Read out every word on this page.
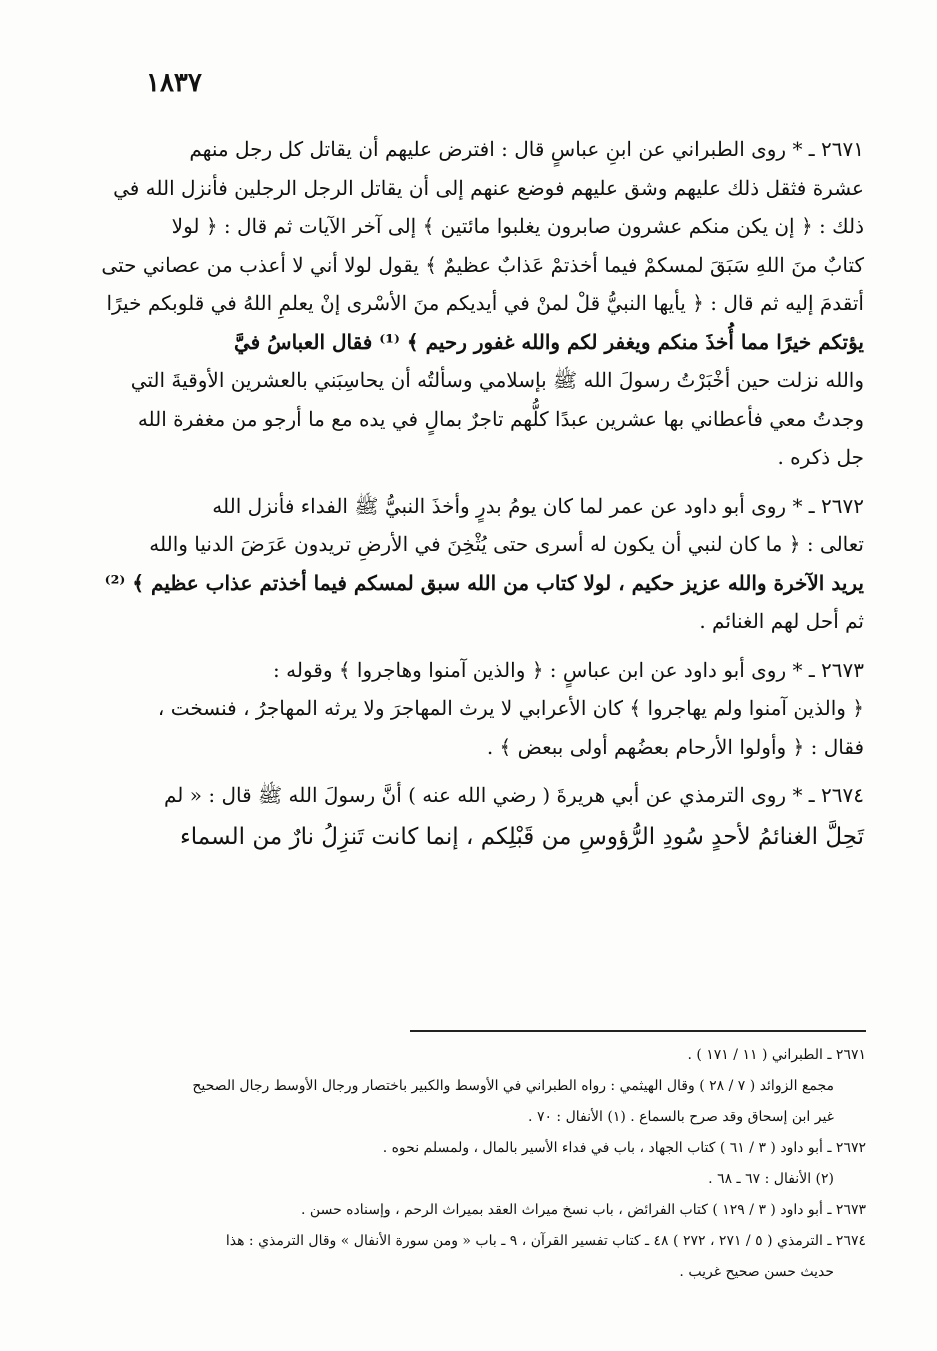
١٨٣٧
٢٦٧١ ـ * روى الطبراني عن ابنِ عباسٍ قال : افترض عليهم أن يقاتل كل رجل منهم
عشرة فثقل ذلك عليهم وشق عليهم فوضع عنهم إلى أن يقاتل الرجل الرجلين فأنزل الله في
ذلك : ﴿ إن يكن منكم عشرون صابرون يغلبوا مائتين ﴾ إلى آخر الآيات ثم قال : ﴿ لولا
كتابٌ منَ اللهِ سَبَقَ لمسكمْ فيما أخذتمْ عَذابٌ عظيمٌ ﴾ يقول لولا أني لا أعذب من عصاني حتى
أتقدمَ إليه ثم قال : ﴿ يأيها النبيُّ قلْ لمنْ في أيديكم منَ الأسْرى إنْ يعلمِ اللهُ في قلوبكم خيرًا
يؤتكم خيرًا مما أُخذَ منكم ويغفر لكم والله غفور رحيم ﴾ ⁽¹⁾ فقال العباسُ فيَّ
والله نزلت حين أخْبَرْتُ رسولَ الله ﷺ بإسلامي وسألتُه أن يحاسِبَني بالعشرين الأوقيةَ التي
وجدتُ معي فأعطاني بها عشرين عبدًا كلُّهم تاجرٌ بمالٍ في يده مع ما أرجو من مغفرة الله
جل ذكره .
٢٦٧٢ ـ * روى أبو داود عن عمر لما كان يومُ بدرٍ وأخذَ النبيُّ ﷺ الفداء فأنزل الله
تعالى : ﴿ ما كان لنبي أن يكون له أسرى حتى يُثْخِنَ في الأرضِ تريدون عَرَضَ الدنيا والله
يريد الآخرة والله عزيز حكيم ، لولا كتاب من الله سبق لمسكم فيما أخذتم عذاب عظيم ﴾ ⁽²⁾
ثم أحل لهم الغنائم .
٢٦٧٣ ـ * روى أبو داود عن ابن عباسٍ : ﴿ والذين آمنوا وهاجروا ﴾ وقوله :
﴿ والذين آمنوا ولم يهاجروا ﴾ كان الأعرابي لا يرث المهاجرَ ولا يرثه المهاجرُ ، فنسخت ،
فقال : ﴿ وأولوا الأرحام بعضُهم أولى ببعض ﴾ .
٢٦٧٤ ـ * روى الترمذي عن أبي هريرةَ ( رضي الله عنه ) أنَّ رسولَ الله ﷺ قال : « لم
تَحِلَّ الغنائمُ لأحدٍ سُودِ الرُّؤوسِ من قَبْلِكم ، إنما كانت تَنزِلُ نارٌ من السماء
٢٦٧١ ـ الطبراني ( ١١ / ١٧١ ) .
مجمع الزوائد ( ٧ / ٢٨ ) وقال الهيثمي : رواه الطبراني في الأوسط والكبير باختصار ورجال الأوسط رجال الصحيح
غير ابن إسحاق وقد صرح بالسماع . (١) الأنفال : ٧٠ .
٢٦٧٢ ـ أبو داود ( ٣ / ٦١ ) كتاب الجهاد ، باب في فداء الأسير بالمال ، ولمسلم نحوه .
(٢) الأنفال : ٦٧ ـ ٦٨ .
٢٦٧٣ ـ أبو داود ( ٣ / ١٢٩ ) كتاب الفرائض ، باب نسخ ميراث العقد بميراث الرحم ، وإسناده حسن .
٢٦٧٤ ـ الترمذي ( ٥ / ٢٧١ ، ٢٧٢ ) ٤٨ ـ كتاب تفسير القرآن ، ٩ ـ باب « ومن سورة الأنفال » وقال الترمذي : هذا
حديث حسن صحيح غريب .
